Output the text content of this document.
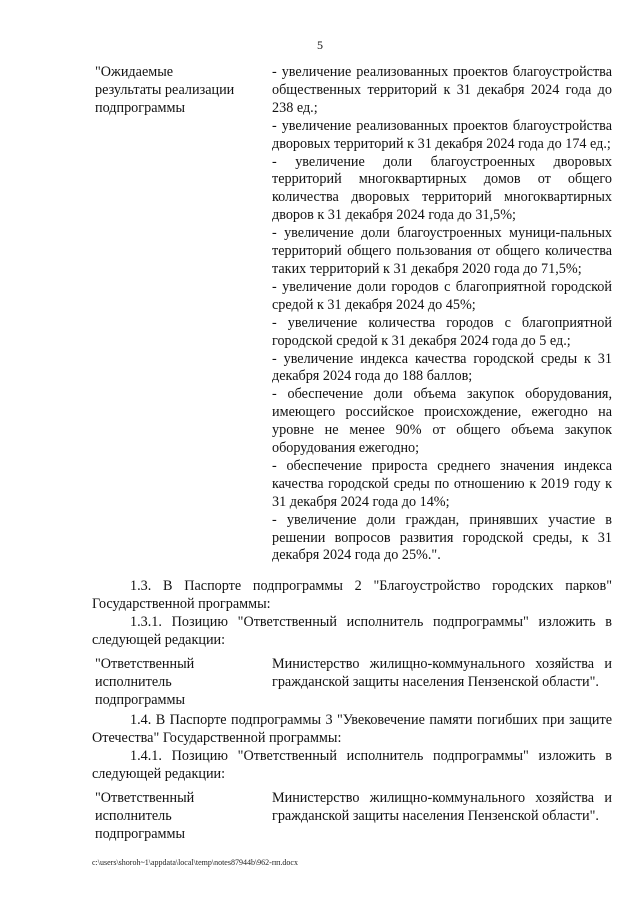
5
"Ожидаемые результаты реализации подпрограммы

- увеличение реализованных проектов благоустройства общественных территорий к 31 декабря 2024 года до 238 ед.;

- увеличение реализованных проектов благоустройства дворовых территорий к 31 декабря 2024 года до 174 ед.;

- увеличение доли благоустроенных дворовых территорий многоквартирных домов от общего количества дворовых территорий многоквартирных дворов к 31 декабря 2024 года до 31,5%;

- увеличение доли благоустроенных муници-пальных территорий общего пользования от общего количества таких территорий к 31 декабря 2020 года до 71,5%;

- увеличение доли городов с благоприятной городской средой к 31 декабря 2024 до 45%;

- увеличение количества городов с благоприятной городской средой к 31 декабря 2024 года до 5 ед.;

- увеличение индекса качества городской среды к 31 декабря 2024 года до 188 баллов;

- обеспечение доли объема закупок оборудования, имеющего российское происхождение, ежегодно на уровне не менее 90% от общего объема закупок оборудования ежегодно;

- обеспечение прироста среднего значения индекса качества городской среды по отношению к 2019 году к 31 декабря 2024 года до 14%;

- увеличение доли граждан, принявших участие в решении вопросов развития городской среды, к 31 декабря 2024 года до 25%.".

1.3. В Паспорте подпрограммы 2 "Благоустройство городских парков" Государственной программы:
1.3.1. Позицию "Ответственный исполнитель подпрограммы" изложить в следующей редакции:
"Ответственный исполнитель подпрограммы
Министерство жилищно-коммунального хозяйства и гражданской защиты населения Пензенской области".
1.4. В Паспорте подпрограммы 3 "Увековечение памяти погибших при защите Отечества" Государственной программы:
1.4.1. Позицию "Ответственный исполнитель подпрограммы" изложить в следующей редакции:
"Ответственный исполнитель подпрограммы
Министерство жилищно-коммунального хозяйства и гражданской защиты населения Пензенской области".
c:\users\shoroh~1\appdata\local\temp\notes87944b\962-пп.docx
